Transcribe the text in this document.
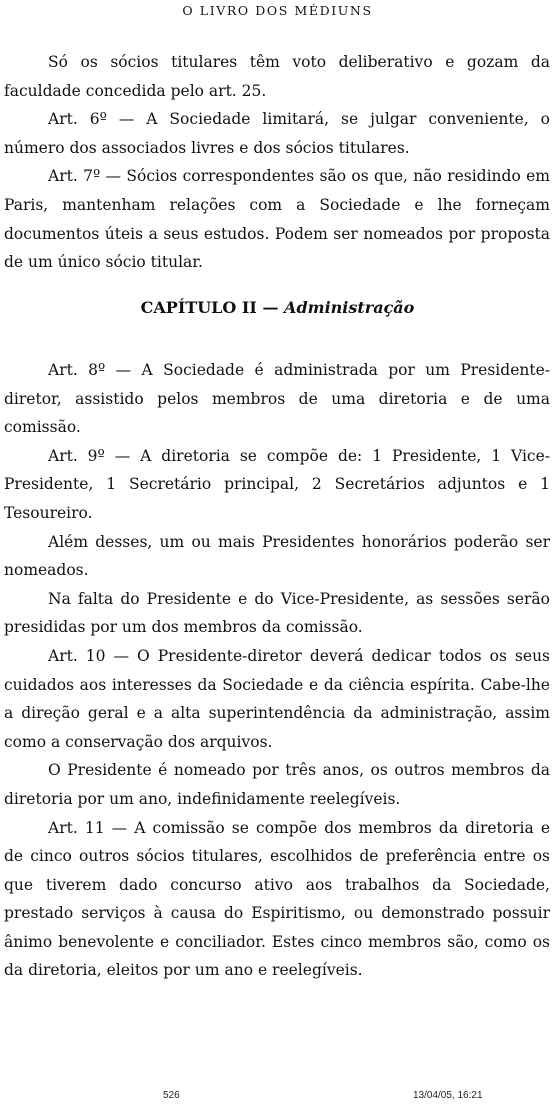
O LIVRO DOS MÉDIUNS

Só os sócios titulares têm voto deliberativo e gozam da faculdade concedida pelo art. 25.

Art. 6º — A Sociedade limitará, se julgar conveniente, o número dos associados livres e dos sócios titulares.

Art. 7º — Sócios correspondentes são os que, não residindo em Paris, mantenham relações com a Sociedade e lhe forneçam documentos úteis a seus estudos. Podem ser nomeados por proposta de um único sócio titular.

CAPÍTULO II — Administração

Art. 8º — A Sociedade é administrada por um Presidente-diretor, assistido pelos membros de uma diretoria e de uma comissão.

Art. 9º — A diretoria se compõe de: 1 Presidente, 1 Vice-Presidente, 1 Secretário principal, 2 Secretários adjuntos e 1 Tesoureiro.

Além desses, um ou mais Presidentes honorários poderão ser nomeados.

Na falta do Presidente e do Vice-Presidente, as sessões serão presididas por um dos membros da comissão.

Art. 10 — O Presidente-diretor deverá dedicar todos os seus cuidados aos interesses da Sociedade e da ciência espírita. Cabe-lhe a direção geral e a alta superintendência da administração, assim como a conservação dos arquivos.

O Presidente é nomeado por três anos, os outros membros da diretoria por um ano, indefinidamente reelegíveis.

Art. 11 — A comissão se compõe dos membros da diretoria e de cinco outros sócios titulares, escolhidos de preferência entre os que tiverem dado concurso ativo aos trabalhos da Sociedade, prestado serviços à causa do Espiritismo, ou demonstrado possuir ânimo benevolente e conciliador. Estes cinco membros são, como os da diretoria, eleitos por um ano e reelegíveis.

526	13/04/05, 16:21
